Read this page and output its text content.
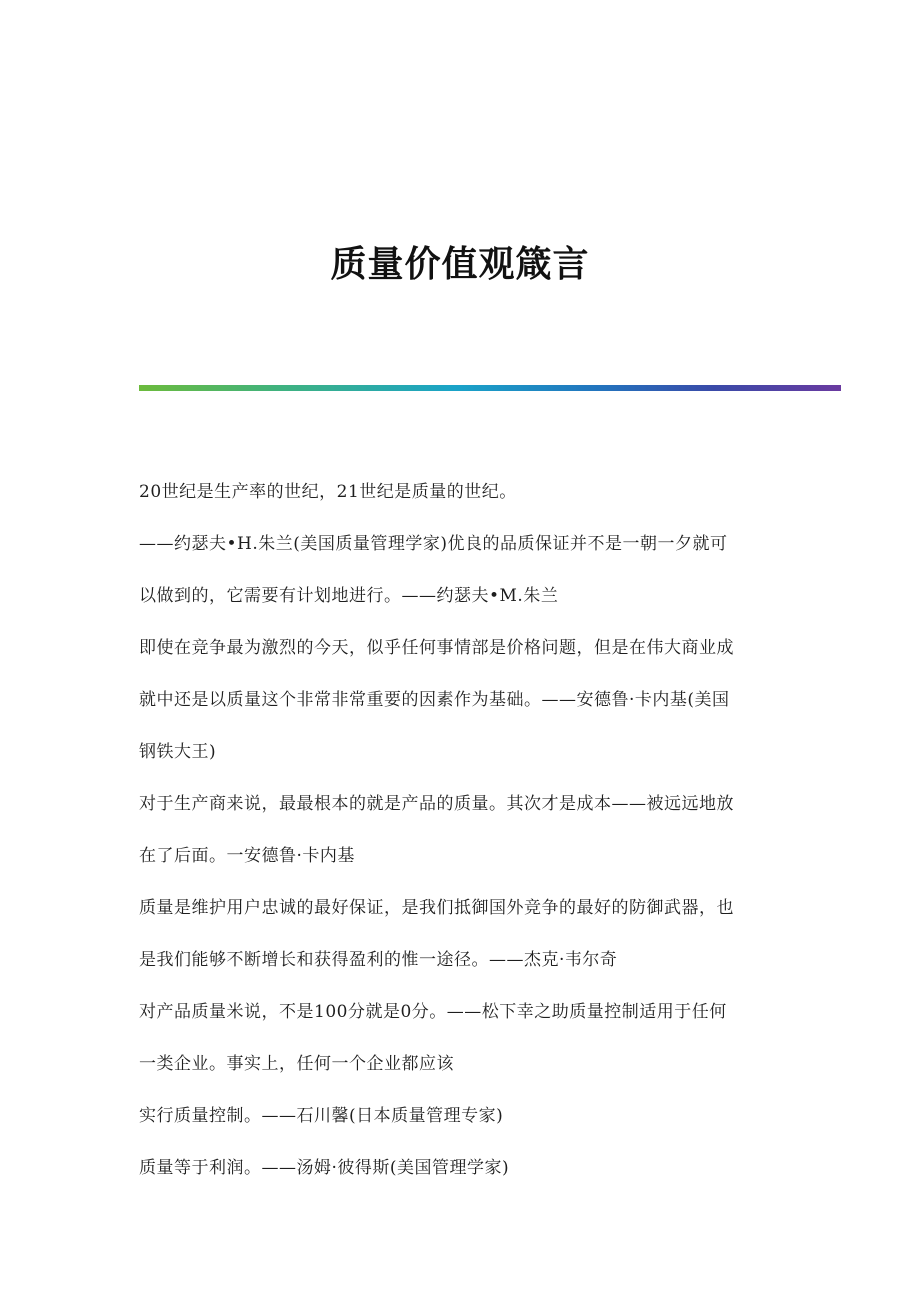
质量价值观箴言

20世纪是生产率的世纪，21世纪是质量的世纪。

——约瑟夫•H.朱兰(美国质量管理学家)优良的品质保证并不是一朝一夕就可
以做到的，它需要有计划地进行。——约瑟夫•M.朱兰

即使在竞争最为激烈的今天，似乎任何事情部是价格问题，但是在伟大商业成
就中还是以质量这个非常非常重要的因素作为基础。——安德鲁·卡内基(美国
钢铁大王)

对于生产商来说，最最根本的就是产品的质量。其次才是成本——被远远地放
在了后面。一安德鲁·卡内基

质量是维护用户忠诚的最好保证，是我们抵御国外竞争的最好的防御武器，也
是我们能够不断增长和获得盈利的惟一途径。——杰克·韦尔奇

对产品质量米说，不是100分就是0分。——松下幸之助质量控制适用于任何
一类企业。事实上，任何一个企业都应该

实行质量控制。——石川馨(日本质量管理专家)

质量等于利润。——汤姆·彼得斯(美国管理学家)
